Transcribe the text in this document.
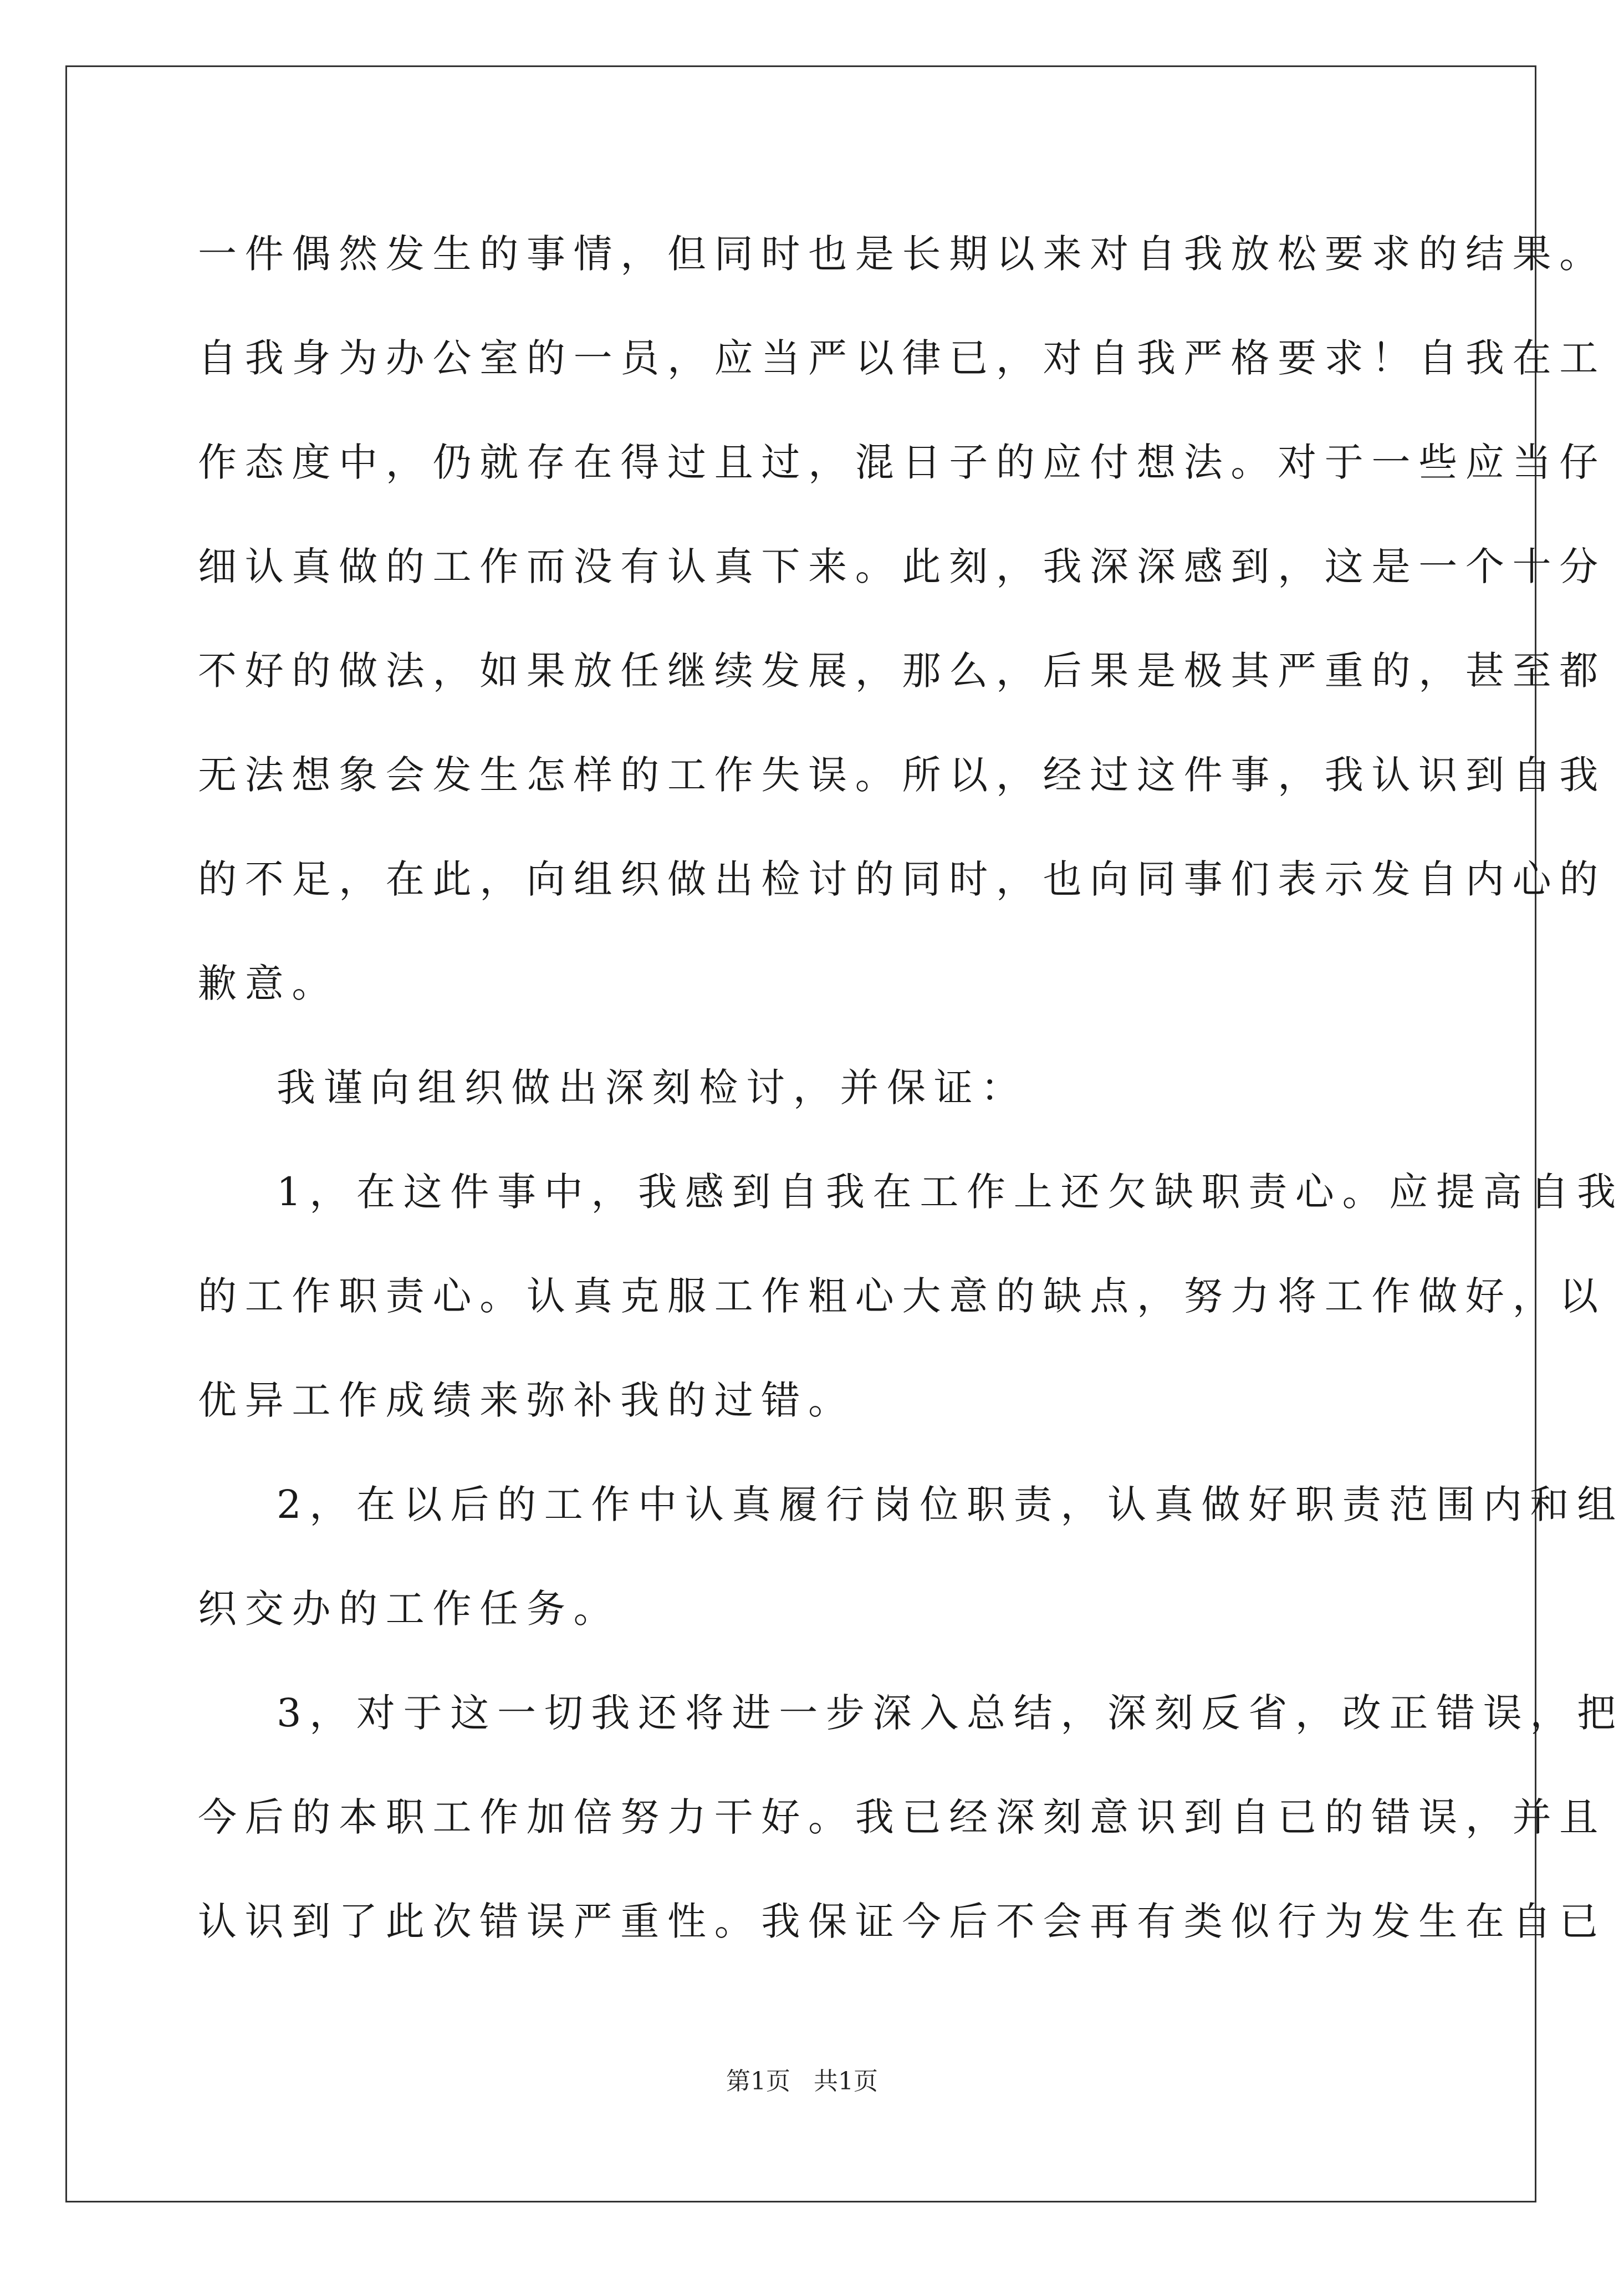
一件偶然发生的事情，但同时也是长期以来对自我放松要求的结果。

自我身为办公室的一员，应当严以律已，对自我严格要求！自我在工

作态度中，仍就存在得过且过，混日子的应付想法。对于一些应当仔

细认真做的工作而没有认真下来。此刻，我深深感到，这是一个十分

不好的做法，如果放任继续发展，那么，后果是极其严重的，甚至都

无法想象会发生怎样的工作失误。所以，经过这件事，我认识到自我

的不足，在此，向组织做出检讨的同时，也向同事们表示发自内心的

歉意。

我谨向组织做出深刻检讨，并保证：

1，在这件事中，我感到自我在工作上还欠缺职责心。应提高自我

的工作职责心。认真克服工作粗心大意的缺点，努力将工作做好，以

优异工作成绩来弥补我的过错。

2，在以后的工作中认真履行岗位职责，认真做好职责范围内和组

织交办的工作任务。

3，对于这一切我还将进一步深入总结，深刻反省，改正错误，把

今后的本职工作加倍努力干好。我已经深刻意识到自已的错误，并且

认识到了此次错误严重性。我保证今后不会再有类似行为发生在自已

第1页   共1页
